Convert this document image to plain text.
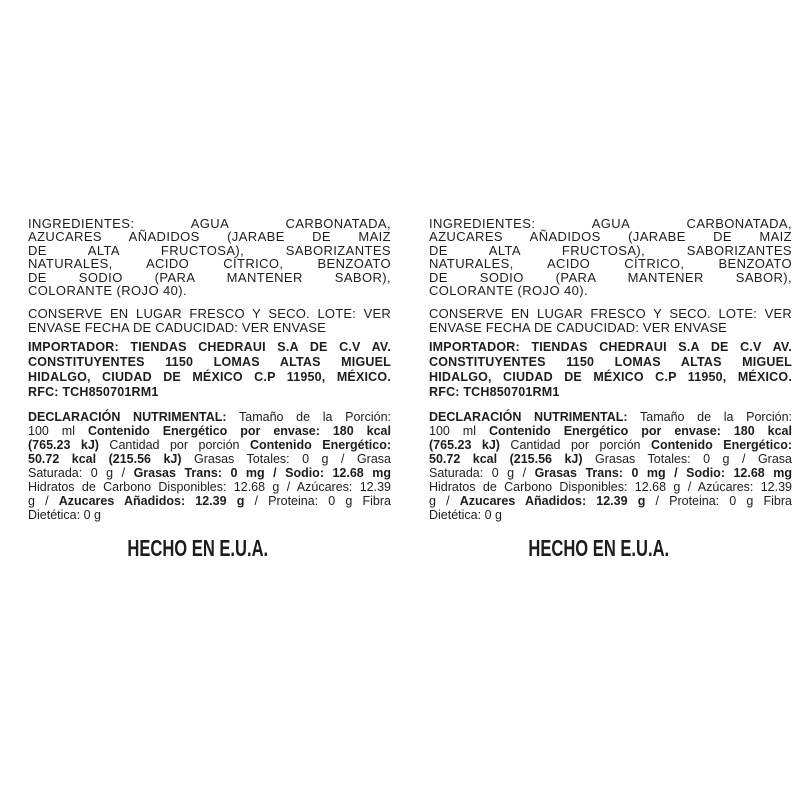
INGREDIENTES: AGUA CARBONATADA,
AZUCARES AÑADIDOS (JARABE DE MAIZ
DE ALTA FRUCTOSA), SABORIZANTES
NATURALES, ACIDO CÍTRICO, BENZOATO
DE SODIO (PARA MANTENER SABOR),
COLORANTE (ROJO 40).
CONSERVE EN LUGAR FRESCO Y SECO. LOTE: VER
ENVASE FECHA DE CADUCIDAD: VER ENVASE
IMPORTADOR: TIENDAS CHEDRAUI S.A DE C.V AV.
CONSTITUYENTES 1150 LOMAS ALTAS MIGUEL
HIDALGO, CIUDAD DE MÉXICO C.P 11950, MÉXICO.
RFC: TCH850701RM1
DECLARACIÓN NUTRIMENTAL: Tamaño de la Porción:
100 ml Contenido Energético por envase: 180 kcal
(765.23 kJ) Cantidad por porción Contenido Energético:
50.72 kcal (215.56 kJ) Grasas Totales: 0 g / Grasa
Saturada: 0 g / Grasas Trans: 0 mg / Sodio: 12.68 mg
Hidratos de Carbono Disponibles: 12.68 g / Azúcares: 12.39
g / Azucares Añadidos: 12.39 g / Proteina: 0 g Fibra
Dietética: 0 g
HECHO EN E.U.A.
INGREDIENTES: AGUA CARBONATADA,
AZUCARES AÑADIDOS (JARABE DE MAIZ
DE ALTA FRUCTOSA), SABORIZANTES
NATURALES, ACIDO CÍTRICO, BENZOATO
DE SODIO (PARA MANTENER SABOR),
COLORANTE (ROJO 40).
CONSERVE EN LUGAR FRESCO Y SECO. LOTE: VER
ENVASE FECHA DE CADUCIDAD: VER ENVASE
IMPORTADOR: TIENDAS CHEDRAUI S.A DE C.V AV.
CONSTITUYENTES 1150 LOMAS ALTAS MIGUEL
HIDALGO, CIUDAD DE MÉXICO C.P 11950, MÉXICO.
RFC: TCH850701RM1
DECLARACIÓN NUTRIMENTAL: Tamaño de la Porción:
100 ml Contenido Energético por envase: 180 kcal
(765.23 kJ) Cantidad por porción Contenido Energético:
50.72 kcal (215.56 kJ) Grasas Totales: 0 g / Grasa
Saturada: 0 g / Grasas Trans: 0 mg / Sodio: 12.68 mg
Hidratos de Carbono Disponibles: 12.68 g / Azúcares: 12.39
g / Azucares Añadidos: 12.39 g / Proteina: 0 g Fibra
Dietética: 0 g
HECHO EN E.U.A.
